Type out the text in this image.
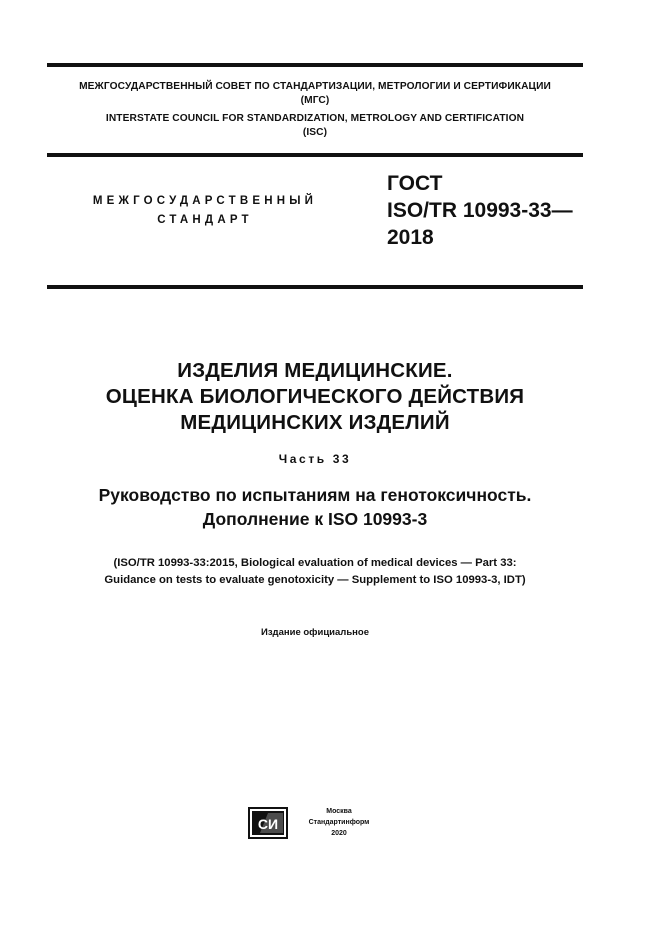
МЕЖГОСУДАРСТВЕННЫЙ СОВЕТ ПО СТАНДАРТИЗАЦИИ, МЕТРОЛОГИИ И СЕРТИФИКАЦИИ
(МГС)
INTERSTATE COUNCIL FOR STANDARDIZATION, METROLOGY AND CERTIFICATION
(ISC)
МЕЖГОСУДАРСТВЕННЫЙ
СТАНДАРТ
ГОСТ
ISO/TR 10993-33—
2018
ИЗДЕЛИЯ МЕДИЦИНСКИЕ.
ОЦЕНКА БИОЛОГИЧЕСКОГО ДЕЙСТВИЯ
МЕДИЦИНСКИХ ИЗДЕЛИЙ
Часть 33
Руководство по испытаниям на генотоксичность.
Дополнение к ISO 10993-3
(ISO/TR 10993-33:2015, Biological evaluation of medical devices — Part 33:
Guidance on tests to evaluate genotoxicity — Supplement to ISO 10993-3, IDT)
Издание официальное
СИ
Москва
Стандартинформ
2020
